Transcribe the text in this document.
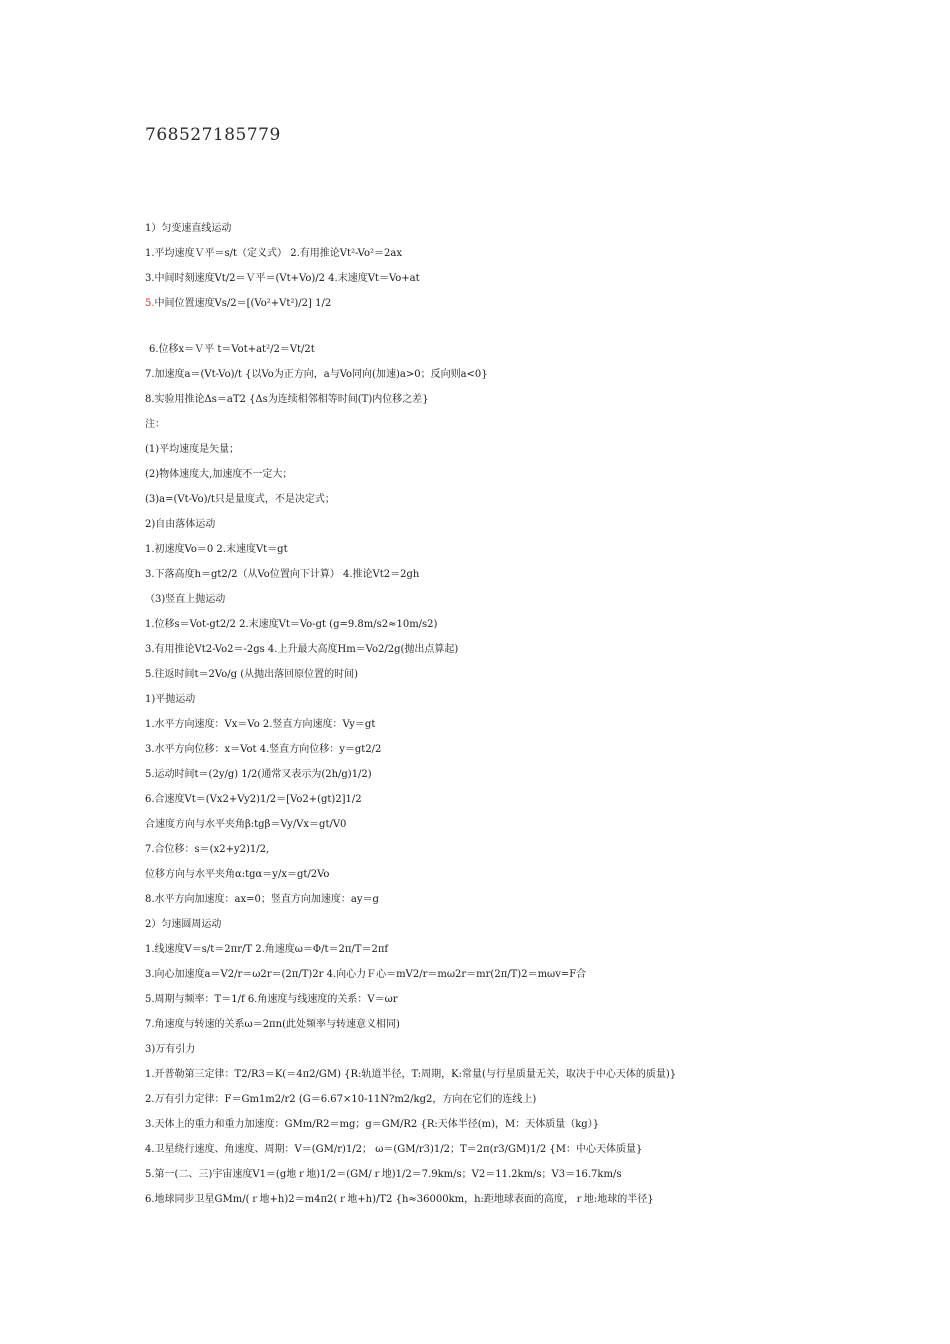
768527185779
1）匀变速直线运动
1.平均速度Ｖ平＝s/t（定义式） 2.有用推论Vt²-Vo²＝2ax
3.中间时刻速度Vt/2＝Ｖ平＝(Vt+Vo)/2 4.末速度Vt＝Vo+at
5.中间位置速度Vs/2＝[(Vo²+Vt²)/2] 1/2
6.位移x＝Ｖ平 t＝Vot+at²/2＝Vt/2t
7.加速度a＝(Vt-Vo)/t {以Vo为正方向，a与Vo同向(加速)a>0；反向则a<0}
8.实验用推论Δs＝aT2 {Δs为连续相邻相等时间(T)内位移之差}
注：
(1)平均速度是矢量；
(2)物体速度大,加速度不一定大；
(3)a=(Vt-Vo)/t只是量度式，不是决定式；
2)自由落体运动
1.初速度Vo＝0 2.末速度Vt＝gt
3.下落高度h＝gt2/2（从Vo位置向下计算） 4.推论Vt2＝2gh
（3)竖直上抛运动
1.位移s＝Vot-gt2/2 2.末速度Vt＝Vo-gt (g=9.8m/s2≈10m/s2)
3.有用推论Vt2-Vo2＝-2gs 4.上升最大高度Hm＝Vo2/2g(抛出点算起)
5.往返时间t＝2Vo/g (从抛出落回原位置的时间)
1)平抛运动
1.水平方向速度：Vx＝Vo 2.竖直方向速度：Vy＝gt
3.水平方向位移：x＝Vot 4.竖直方向位移：y＝gt2/2
5.运动时间t＝(2y/g) 1/2(通常又表示为(2h/g)1/2)
6.合速度Vt＝(Vx2+Vy2)1/2＝[Vo2+(gt)2]1/2
合速度方向与水平夹角β:tgβ＝Vy/Vx＝gt/V0
7.合位移：s＝(x2+y2)1/2,
位移方向与水平夹角α:tgα＝y/x＝gt/2Vo
8.水平方向加速度：ax=0；竖直方向加速度：ay＝g
2）匀速圆周运动
1.线速度V＝s/t＝2πr/T 2.角速度ω＝Φ/t＝2π/T＝2πf
3.向心加速度a＝V2/r＝ω2r＝(2π/T)2r 4.向心力Ｆ心＝mV2/r＝mω2r＝mr(2π/T)2＝mωv=F合
5.周期与频率：T＝1/f 6.角速度与线速度的关系：V＝ωr
7.角速度与转速的关系ω＝2πn(此处频率与转速意义相同)
3)万有引力
1.开普勒第三定律：T2/R3＝K(＝4π2/GM) {R:轨道半径，T:周期，K:常量(与行星质量无关，取决于中心天体的质量)}
2.万有引力定律：F＝Gm1m2/r2 (G＝6.67×10-11N?m2/kg2，方向在它们的连线上)
3.天体上的重力和重力加速度：GMm/R2＝mg；g＝GM/R2 {R:天体半径(m)，M：天体质量（kg）}
4.卫星绕行速度、角速度、周期：V＝(GM/r)1/2； ω＝(GM/r3)1/2；T＝2π(r3/GM)1/2 {M：中心天体质量}
5.第一(二、三)宇宙速度V1＝(g地ｒ地)1/2＝(GM/ｒ地)1/2＝7.9km/s；V2＝11.2km/s；V3＝16.7km/s
6.地球同步卫星GMm/(ｒ地+h)2＝m4π2(ｒ地+h)/T2 {h≈36000km，h:距地球表面的高度，ｒ地:地球的半径}
